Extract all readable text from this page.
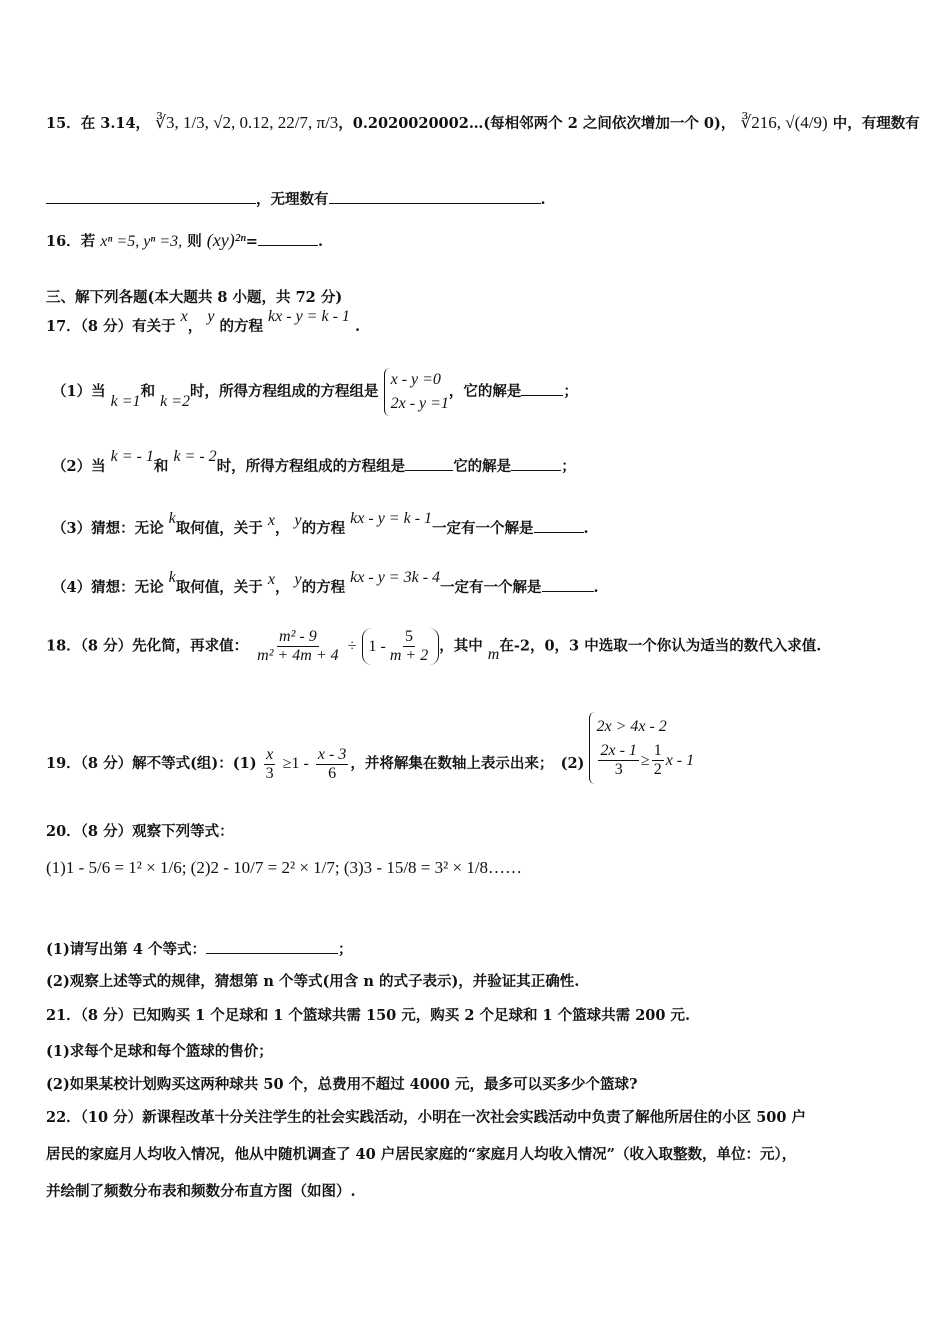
15．在 3.14， ∛3, 1/3, √2, 0.12, 22/7, π/3，0.2020020002…(每相邻两个 2 之间依次增加一个 0)， ∛216, √(4/9) 中，有理数有
，无理数有	.
16．若 xⁿ =5, yⁿ =3, 则 (xy)²ⁿ=	.
三、解下列各题(本大题共 8 小题，共 72 分)
17．（8 分）有关于 x， y 的方程 kx - y = k - 1 .
（1）当 k =1和 k =2时，所得方程组成的方程组是
x - y =0
2x - y =1
，它的解是	；
（2）当 k = - 1和 k = - 2时，所得方程组成的方程组是	它的解是	；
（3）猜想：无论 k取何值，关于 x， y的方程 kx - y = k - 1一定有一个解是	.
（4）猜想：无论 k取何值，关于 x， y的方程 kx - y = 3k - 4一定有一个解是	.
18．（8 分）先化简，再求值： $\frac{\text{m² - 9}}{\text{m² + 4m + 4}} \div 1 - \frac{5}{m + 2}$ ，其中 m在-2，0，3 中选取一个你认为适当的数代入求值.
19．（8 分）解不等式(组)：$(1) \frac{x}{3} \ge 1 - \frac{x - 3}{6}$ ，并将解集在数轴上表示出来；　(2)
2x > 4x - 2
$\frac{2x - 1}{3} \ge \frac{1}{2}$ x - 1
20．（8 分）观察下列等式：
(1)1 - 5/6 = 1² × 1/6; (2)2 - 10/7 = 2² × 1/7; (3)3 - 15/8 = 3² × 1/8……
(1)请写出第 4 个等式：	；
(2)观察上述等式的规律，猜想第 n 个等式(用含 n 的式子表示)，并验证其正确性.
21．（8 分）已知购买 1 个足球和 1 个篮球共需 150 元，购买 2 个足球和 1 个篮球共需 200 元.
(1)求每个足球和每个篮球的售价；
(2)如果某校计划购买这两种球共 50 个，总费用不超过 4000 元，最多可以买多少个篮球?
22．（10 分）新课程改革十分关注学生的社会实践活动，小明在一次社会实践活动中负责了解他所居住的小区 500 户
居民的家庭月人均收入情况，他从中随机调查了 40 户居民家庭的“家庭月人均收入情况”（收入取整数，单位：元），
并绘制了频数分布表和频数分布直方图（如图）.
